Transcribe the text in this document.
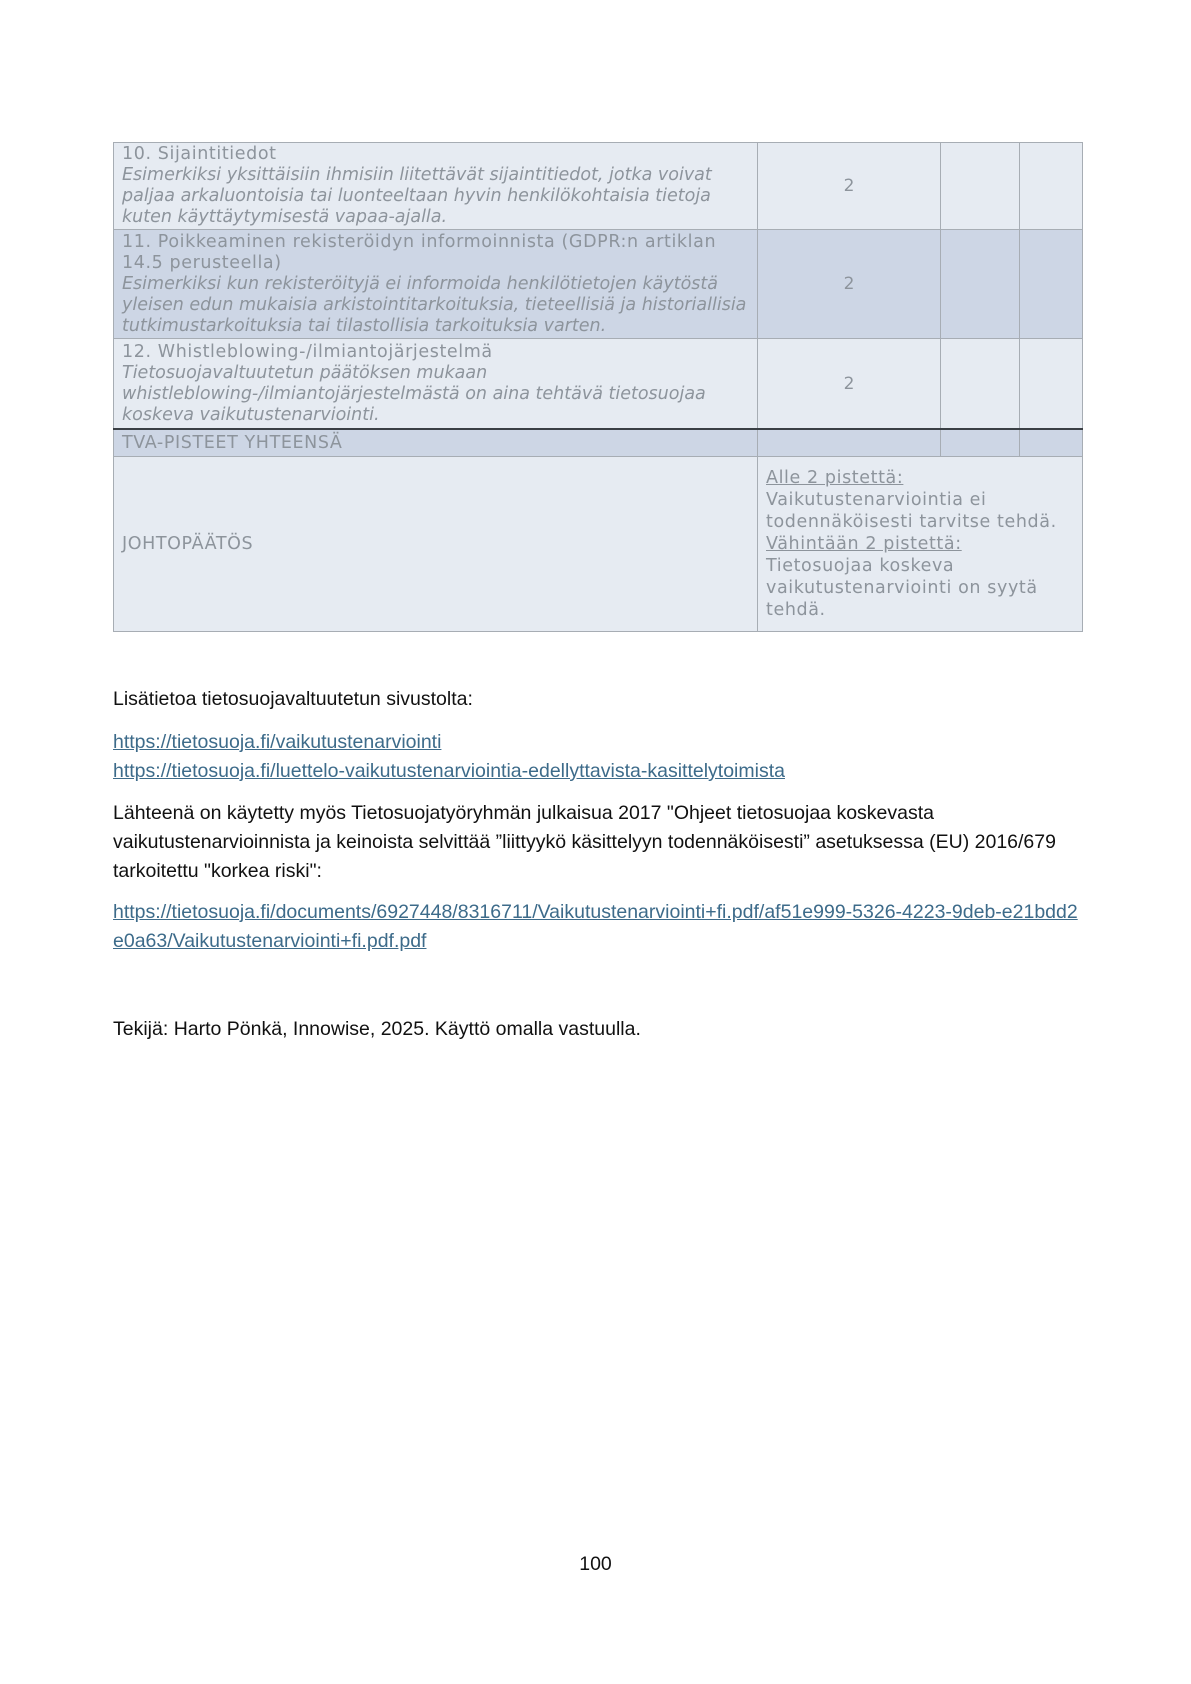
10. Sijaintitiedot
Esimerkiksi yksittäisiin ihmisiin liitettävät sijaintitiedot, jotka voivat paljaa arkaluontoisia tai luonteeltaan hyvin henkilökohtaisia tietoja kuten käyttäytymisestä vapaa-ajalla.	2		

11. Poikkeaminen rekisteröidyn informoinnista (GDPR:n artiklan 14.5 perusteella)
Esimerkiksi kun rekisteröityjä ei informoida henkilötietojen käytöstä yleisen edun mukaisia arkistointitarkoituksia, tieteellisiä ja historiallisia tutkimustarkoituksia tai tilastollisia tarkoituksia varten.	2		

12. Whistleblowing-/ilmiantojärjestelmä
Tietosuojavaltuutetun päätöksen mukaan whistleblowing-/ilmiantojärjestelmästä on aina tehtävä tietosuojaa koskeva vaikutustenarviointi.	2		

TVA-PISTEET YHTEENSÄ			

JOHTOPÄÄTÖS	Alle 2 pistettä:
Vaikutustenarviointia ei todennäköisesti tarvitse tehdä.
Vähintään 2 pistettä:
Tietosuojaa koskeva vaikutustenarviointi on syytä tehdä.		

Lisätietoa tietosuojavaltuutetun sivustolta:

https://tietosuoja.fi/vaikutustenarviointi

https://tietosuoja.fi/luettelo-vaikutustenarviointia-edellyttavista-kasittelytoimista

Lähteenä on käytetty myös Tietosuojatyöryhmän julkaisua 2017 "Ohjeet tietosuojaa koskevasta vaikutustenarvioinnista ja keinoista selvittää ”liittyykö käsittelyyn todennäköisesti” asetuksessa (EU) 2016/679 tarkoitettu "korkea riski":

https://tietosuoja.fi/documents/6927448/8316711/Vaikutustenarviointi+fi.pdf/af51e999-5326-4223-9deb-e21bdd2e0a63/Vaikutustenarviointi+fi.pdf.pdf

Tekijä: Harto Pönkä, Innowise, 2025. Käyttö omalla vastuulla.

100
